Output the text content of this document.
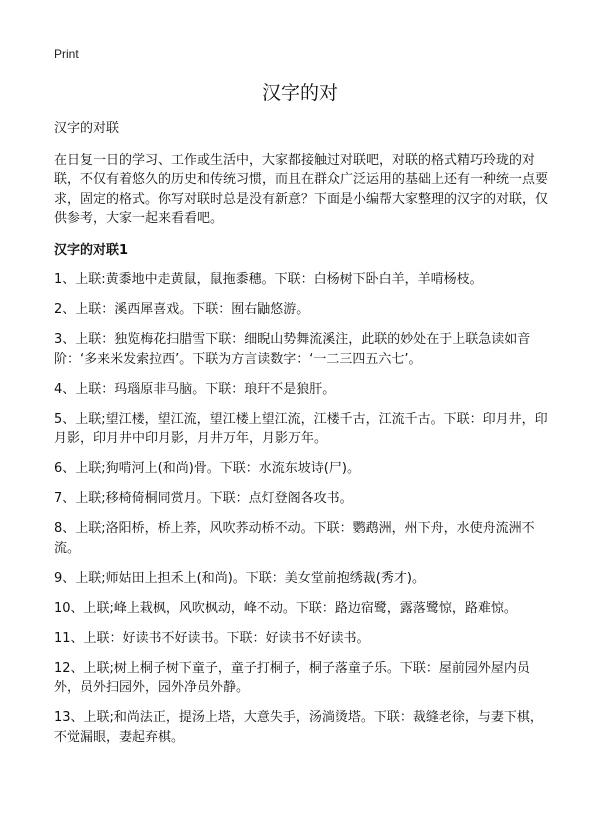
Print
汉字的对
汉字的对联
在日复一日的学习、工作或生活中，大家都接触过对联吧，对联的格式精巧玲珑的对联，不仅有着悠久的历史和传统习惯，而且在群众广泛运用的基础上还有一种统一点要求，固定的格式。你写对联时总是没有新意？下面是小编帮大家整理的汉字的对联，仅供参考，大家一起来看看吧。
汉字的对联1
1、上联:黄黍地中走黄鼠，鼠拖黍穗。下联：白杨树下卧白羊，羊啃杨枝。
2、上联：溪西犀喜戏。下联：囿右鼬悠游。
3、上联：独览梅花扫腊雪下联：细睨山势舞流溪注，此联的妙处在于上联急读如音阶：‘多来米发索拉西’。下联为方言读数字：‘一二三四五六七’。
4、上联：玛瑙原非马脑。下联：琅玕不是狼肝。
5、上联;望江楼，望江流，望江楼上望江流，江楼千古，江流千古。下联：印月井，印月影，印月井中印月影，月井万年，月影万年。
6、上联;狗啃河上(和尚)骨。下联：水流东坡诗(尸)。
7、上联;移椅倚桐同赏月。下联：点灯登阁各攻书。
8、上联;洛阳桥，桥上荞，风吹荞动桥不动。下联：鹦鹉洲，州下舟，水使舟流洲不流。
9、上联;师姑田上担禾上(和尚)。下联：美女堂前抱绣裁(秀才)。
10、上联;峰上栽枫，风吹枫动，峰不动。下联：路边宿鹭，露落鹭惊，路难惊。
11、上联：好读书不好读书。下联：好读书不好读书。
12、上联;树上桐子树下童子，童子打桐子，桐子落童子乐。下联：屋前园外屋内员外，员外扫园外，园外净员外静。
13、上联;和尚法正，提汤上塔，大意失手，汤淌烫塔。下联：裁缝老徐，与妻下棋，不觉漏眼，妻起弃棋。
